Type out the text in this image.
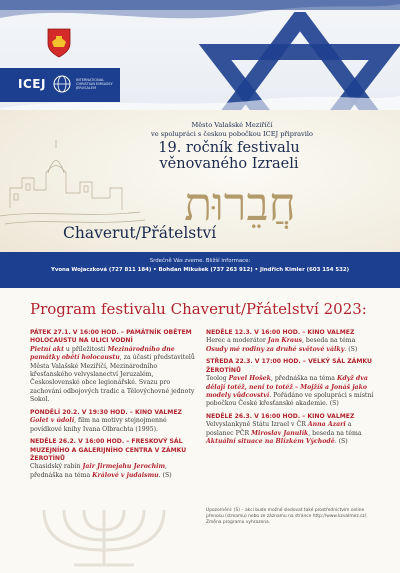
ICEJ	INTERNATIONAL CHRISTIAN EMBASSY JERUSALEM
Město Valašské Meziříčí
ve spolupráci s českou pobočkou ICEJ připravilo
19. ročník festivalu
věnovaného Izraeli
חֲבֵרוּת
Chaverut/Přátelství
Srdečně Vás zveme. Bližší informace:
Yvona Wojaczková (727 811 184) • Bohdan Mikušek (737 263 912) • Jindřich Kimler (603 154 532)
Program festivalu Chaverut/Přátelství 2023:
PÁTEK 27.1. V 16:00 HOD. – PAMÁTNÍK OBĚTEM HOLOCAUSTU NA ULICI VODNÍ
Pietní akt u příležitosti Mezinárodního dne památky obětí holocaustu, za účasti představitelů Města Valašské Meziříčí, Mezinárodního křesťanského velvyslanectví Jeruzalém, Československé obce legionářské. Svazu pro zachování odbojových tradic a Tělovýchovné jednoty Sokol.
PONDĚLÍ 20.2. V 19:30 HOD. – KINO VALMEZ
Golet v údolí, film na motivy stejnojmenné povídkové knihy Ivana Olbrachta (1995).
NEDĚLE 26.2. V 16:00 HOD. – FRESKOVÝ SÁL MUZEJNÍHO A GALERIJNÍHO CENTRA V ZÁMKU ŽEROTÍNŮ
Chasidský rabín Jair Jirmejahu Jerochim, přednáška na téma Králové v judaismu. (S)
NEDĚLE 12.3. V 16:00 HOD. – KINO VALMEZ
Herec a moderátor Jan Kraus, beseda na téma Osudy mé rodiny za druhé světové války. (S)
STŘEDA 22.3. V 17:00 HOD. – VELKÝ SÁL ZÁMKU ŽEROTÍNŮ
Teolog Pavel Hošek, přednáška na téma Když dva dělají totéž, není to totéž – Mojžíš a Jonáš jako modely vůdcovství. Pořádáno ve spolupráci s místní pobočkou České křesťanské akademie. (S)
NEDĚLE 26.3. V 16:00 HOD. – KINO VALMEZ
Velvyslankyně Státu Izrael v ČR Anna Azari a poslanec PČR Miroslav Janulík, beseda na téma Aktuální situace na Blízkém Východě. (S)
Upozornění: (S) – akci bude možné sledovat také prostřednictvím online přenosu (streamu) nebo ze záznamu na stránce http://www.kzvalmez.cz/. Změna programu vyhrazena.
